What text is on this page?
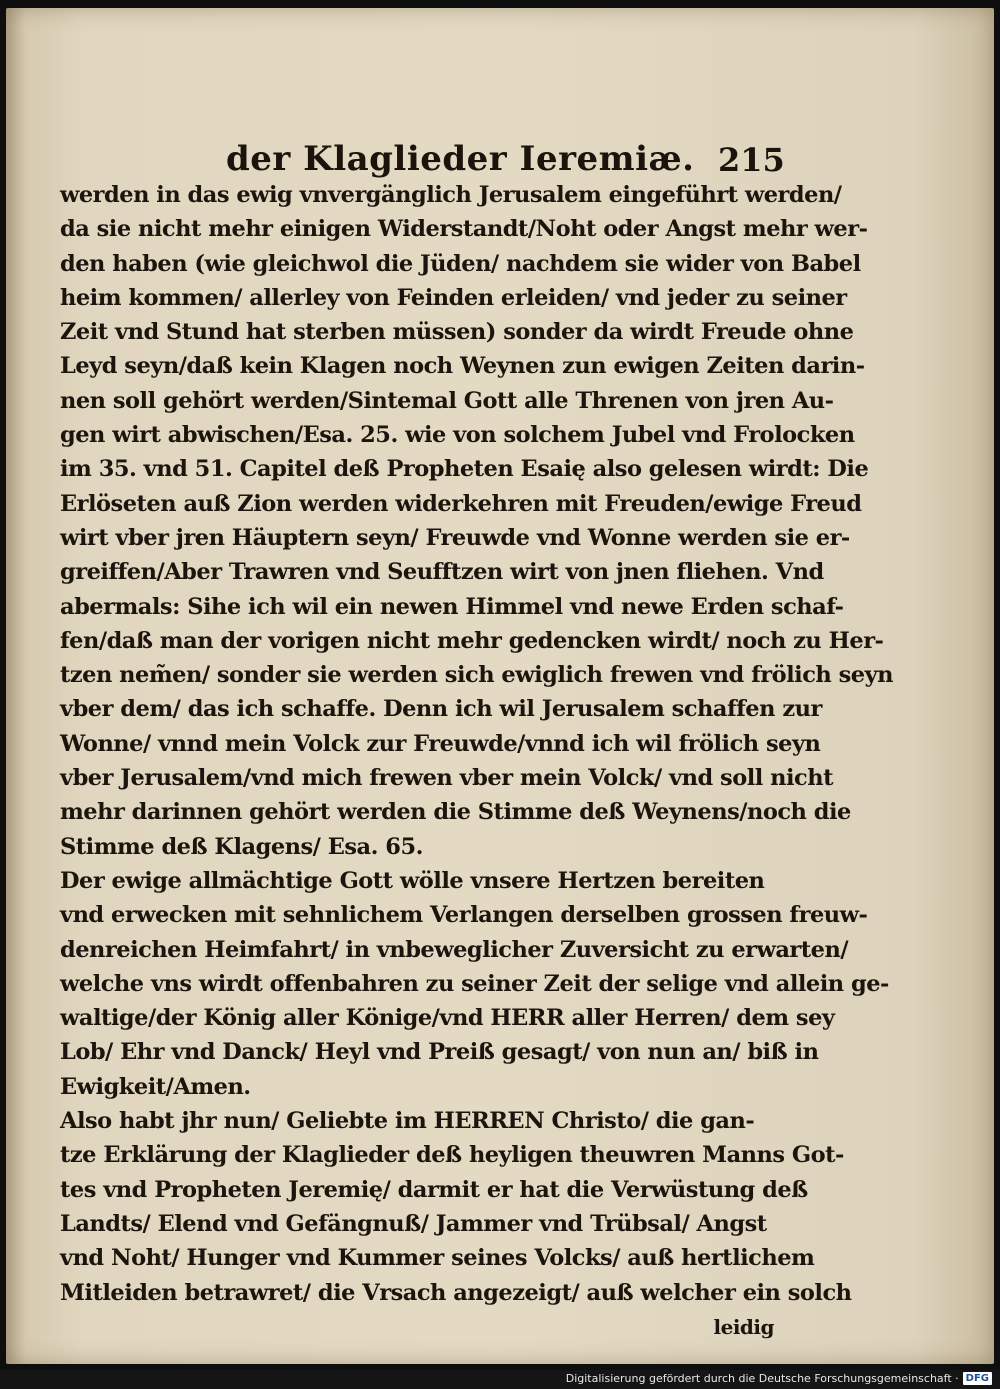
der Klaglieder Ieremiæ. 215
werden in das ewig vnvergänglich Jerusalem eingeführt werden/
da sie nicht mehr einigen Widerstandt/Noht oder Angst mehr wer-
den haben (wie gleichwol die Jüden/ nachdem sie wider von Babel
heim kommen/ allerley von Feinden erleiden/ vnd jeder zu seiner
Zeit vnd Stund hat sterben müssen) sonder da wirdt Freude ohne
Leyd seyn/daß kein Klagen noch Weynen zun ewigen Zeiten darin-
nen soll gehört werden/Sintemal Gott alle Threnen von jren Au-
gen wirt abwischen/Esa. 25. wie von solchem Jubel vnd Frolocken
im 35. vnd 51. Capitel deß Propheten Esaię also gelesen wirdt: Die
Erlöseten auß Zion werden widerkehren mit Freuden/ewige Freud
wirt vber jren Häuptern seyn/ Freuwde vnd Wonne werden sie er-
greiffen/Aber Trawren vnd Seufftzen wirt von jnen fliehen. Vnd
abermals: Sihe ich wil ein newen Himmel vnd newe Erden schaf-
fen/daß man der vorigen nicht mehr gedencken wirdt/ noch zu Her-
tzen nem̃en/ sonder sie werden sich ewiglich frewen vnd frölich seyn
vber dem/ das ich schaffe. Denn ich wil Jerusalem schaffen zur
Wonne/ vnnd mein Volck zur Freuwde/vnnd ich wil frölich seyn
vber Jerusalem/vnd mich frewen vber mein Volck/ vnd soll nicht
mehr darinnen gehört werden die Stimme deß Weynens/noch die
Stimme deß Klagens/ Esa. 65.
Der ewige allmächtige Gott wölle vnsere Hertzen bereiten
vnd erwecken mit sehnlichem Verlangen derselben grossen freuw-
denreichen Heimfahrt/ in vnbeweglicher Zuversicht zu erwarten/
welche vns wirdt offenbahren zu seiner Zeit der selige vnd allein ge-
waltige/der König aller Könige/vnd HERR aller Herren/ dem sey
Lob/ Ehr vnd Danck/ Heyl vnd Preiß gesagt/ von nun an/ biß in
Ewigkeit/Amen.
Also habt jhr nun/ Geliebte im HERREN Christo/ die gan-
tze Erklärung der Klaglieder deß heyligen theuwren Manns Got-
tes vnd Propheten Jeremię/ darmit er hat die Verwüstung deß
Landts/ Elend vnd Gefängnuß/ Jammer vnd Trübsal/ Angst
vnd Noht/ Hunger vnd Kummer seines Volcks/ auß hertlichem
Mitleiden betrawret/ die Vrsach angezeigt/ auß welcher ein solch
leidig
Digitalisierung gefördert durch die Deutsche Forschungsgemeinschaft · DFG
